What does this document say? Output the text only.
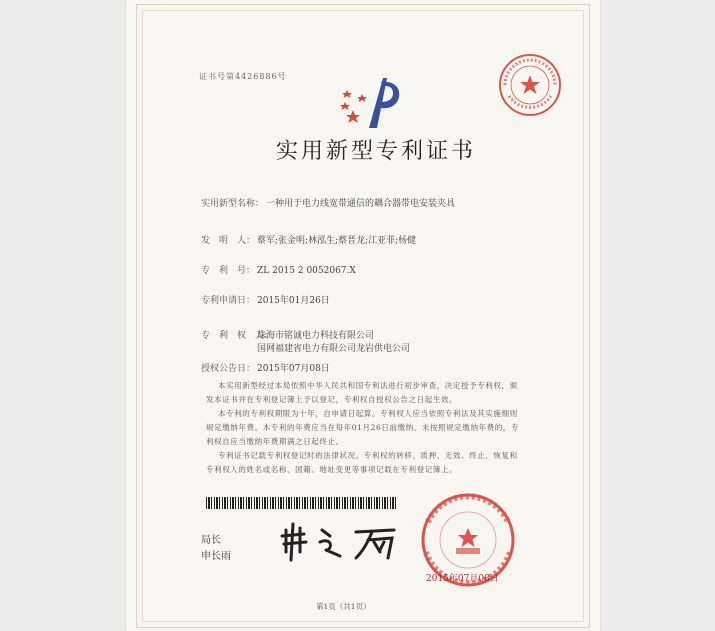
证书号第4426886号
实用新型专利证书
实用新型名称： 一种用于电力线宽带通信的耦合器带电安装夹具
发　明　人： 蔡军;张金明;林泓生;蔡晋龙;江亚菲;杨健
专　利　号： ZL 2015 2 0052067.X
专利申请日： 2015年01月26日
专　利　权　人：
珠海市铭诚电力科技有限公司
国网福建省电力有限公司龙岩供电公司
授权公告日： 2015年07月08日
本实用新型经过本局依照中华人民共和国专利法进行初步审查，决定授予专利权，颁
发本证书并在专利登记簿上予以登记，专利权自授权公告之日起生效。
本专利的专利权期限为十年，自申请日起算。专利权人应当依照专利法及其实施细则
规定缴纳年费。本专利的年费应当在每年01月26日前缴纳。未按照规定缴纳年费的，专
利权自应当缴纳年费期满之日起终止。
专利证书记载专利权登记时的法律状况。专利权的转移、质押、无效、终止、恢复和
专利权人的姓名或名称、国籍、地址变更等事项记载在专利登记簿上。
局长
申长雨
2015年07月08日
第1页（共1页）
